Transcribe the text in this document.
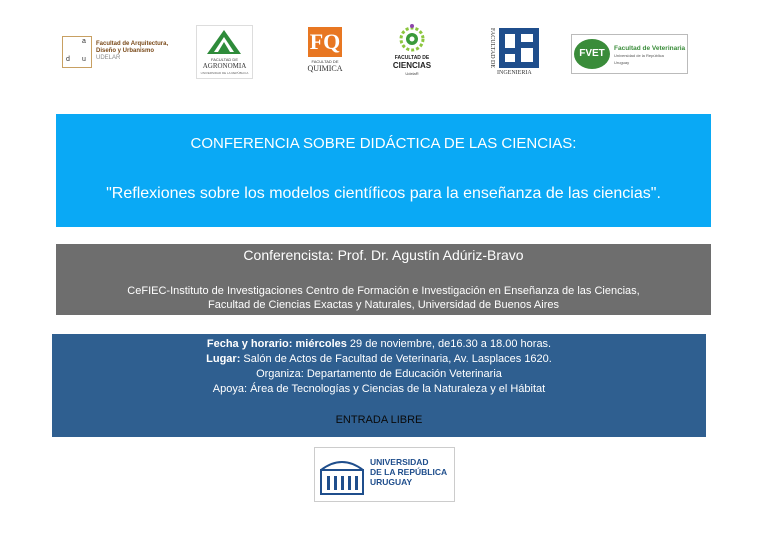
a
d u
Facultad de Arquitectura,
Diseño y Urbanismo
UDELAR	FACULTAD DE
AGRONOMIA
UNIVERSIDAD DE LA REPÚBLICA
FQ
FACULTAD DE
QUIMICA
FACULTAD DE
CIENCIAS
UdelaR
FACULTAD DE
INGENIERIA
FVET	Facultad de Veterinaria
Universidad de la República
Uruguay
CONFERENCIA SOBRE DIDÁCTICA DE LAS CIENCIAS:
"Reflexiones sobre los modelos científicos para la enseñanza de las ciencias".
Conferencista: Prof. Dr. Agustín Adúriz-Bravo
CeFIEC-Instituto de Investigaciones Centro de Formación e Investigación en Enseñanza de las Ciencias,
Facultad de Ciencias Exactas y Naturales, Universidad de Buenos Aires
Fecha y horario: miércoles 29 de noviembre, de16.30 a 18.00 horas.
Lugar: Salón de Actos de Facultad de Veterinaria, Av. Lasplaces 1620.
Organiza: Departamento de Educación Veterinaria
Apoya: Área de Tecnologías y Ciencias de la Naturaleza y el Hábitat
ENTRADA LIBRE
UNIVERSIDAD
DE LA REPÚBLICA
URUGUAY
